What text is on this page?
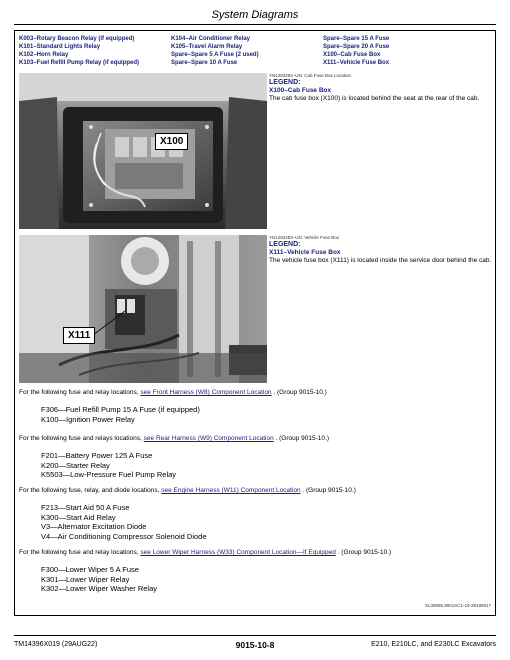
System Diagrams
K003–Rotary Beacon Relay (if equipped)
K101–Standard Lights Relay
K102–Horn Relay
K103–Fuel Refill Pump Relay (if equipped)
K104–Air Conditioner Relay
K105–Travel Alarm Relay
Spare–Spare 5 A Fuse (2 used)
Spare–Spare 10 A Fuse
Spare–Spare 15 A Fuse
Spare–Spare 20 A Fuse
X100–Cab Fuse Box
X111–Vehicle Fuse Box
X100
YN1283282–UN: Cab Fuse Box Location
LEGEND:
X100–Cab Fuse Box
The cab fuse box (X100) is located behind the seat at the rear of the cab.
X111
YN1283283–UN: Vehicle Fuse Box
LEGEND:
X111–Vehicle Fuse Box
The vehicle fuse box (X111) is located inside the service door behind the cab.
For the following fuse and relay locations, see Front Harness (W8) Component Location . (Group 9015-10.)
F306—Fuel Refill Pump 15 A Fuse (if equipped)
K100—Ignition Power Relay
For the following fuse and relays locations, see Rear Harness (W9) Component Location . (Group 9015-10.)
F201—Battery Power 125 A Fuse
K200—Starter Relay
K5503—Low-Pressure Fuel Pump Relay
For the following fuse, relay, and diode locations, see Engine Harness (W11) Component Location . (Group 9015-10.)
F213—Start Aid 50 A Fuse
K300—Start Aid Relay
V3—Alternator Excitation Diode
V4—Air Conditioning Compressor Solenoid Diode
For the following fuse and relay locations, see Lower Wiper Harness (W33) Component Location—If Equipped . (Group 9015-10.)
F300—Lower Wiper 5 A Fuse
K301—Lower Wiper Relay
K302—Lower Wiper Washer Relay
XL38995,9001SC1-19-28199917
TM14396X019 (29AUG22)	9015-10-8	E210, E210LC, and E230LC Excavators
